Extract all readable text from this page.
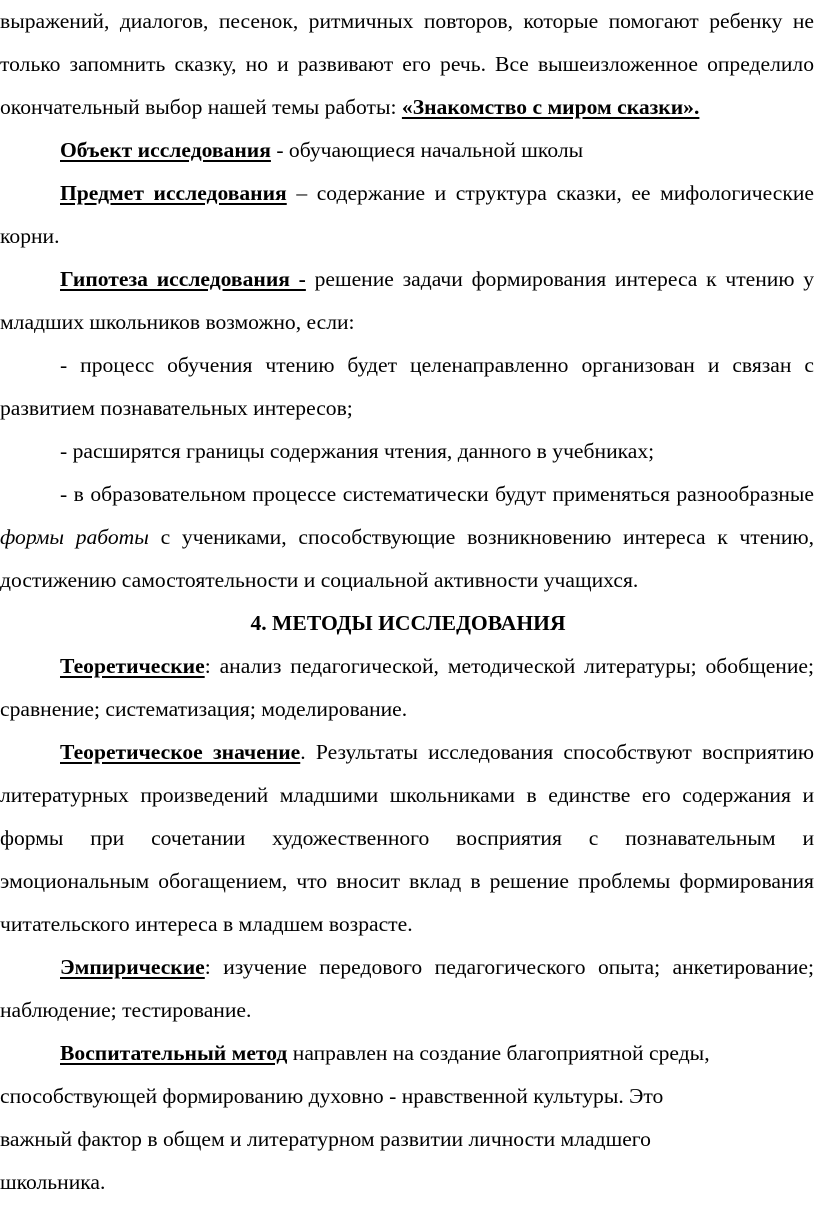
выражений, диалогов, песенок, ритмичных повторов, которые помогают ребенку не только запомнить сказку, но и развивают его речь. Все вышеизложенное определило окончательный выбор нашей темы работы: «Знакомство с миром сказки».

Объект исследования - обучающиеся начальной школы

Предмет исследования – содержание и структура сказки, ее мифологические корни.

Гипотеза исследования - решение задачи формирования интереса к чтению у младших школьников возможно, если:

- процесс обучения чтению будет целенаправленно организован и связан с развитием познавательных интересов;

- расширятся границы содержания чтения, данного в учебниках;

- в образовательном процессе систематически будут применяться разнообразные формы работы с учениками, способствующие возникновению интереса к чтению, достижению самостоятельности и социальной активности учащихся.

4. МЕТОДЫ ИССЛЕДОВАНИЯ

Теоретические: анализ педагогической, методической литературы; обобщение; сравнение; систематизация; моделирование.

Теоретическое значение. Результаты исследования способствуют восприятию литературных произведений младшими школьниками в единстве его содержания и формы при сочетании художественного восприятия с познавательным и эмоциональным обогащением, что вносит вклад в решение проблемы формирования читательского интереса в младшем возрасте.

Эмпирические: изучение передового педагогического опыта; анкетирование; наблюдение; тестирование.

Воспитательный метод направлен на создание благоприятной среды,
способствующей формированию духовно - нравственной культуры. Это
важный фактор в общем и литературном развитии личности младшего
школьника.
